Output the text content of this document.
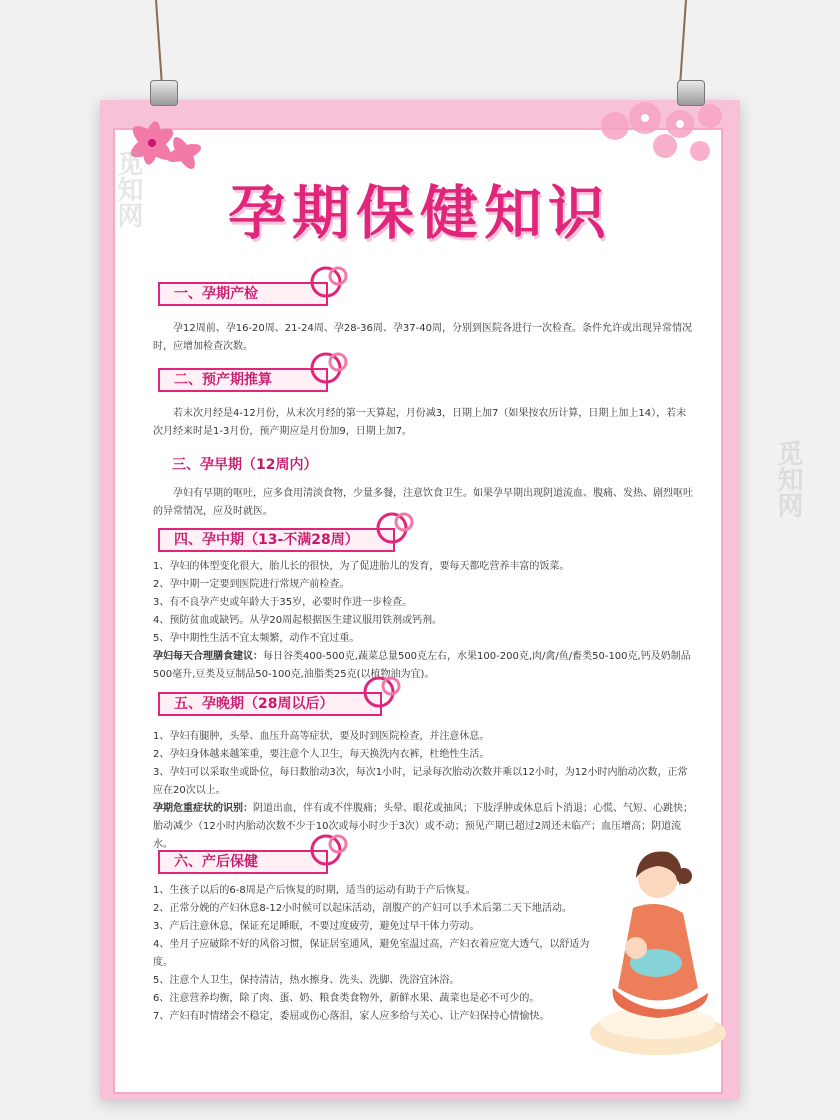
孕期保健知识
一、孕期产检

孕12周前、孕16-20周、21-24周、孕28-36周、孕37-40周，分别到医院各进行一次检查。条件允许或出现异常情况时，应增加检查次数。

二、预产期推算

若末次月经是4-12月份，从末次月经的第一天算起，月份减3，日期上加7（如果按农历计算，日期上加上14），若末次月经来时是1-3月份，预产期应是月份加9，日期上加7。

三、孕早期（12周内）

孕妇有早期的呕吐，应多食用清淡食物，少量多餐，注意饮食卫生。如果孕早期出现阴道流血、腹痛、发热、剧烈呕吐的异常情况，应及时就医。

四、孕中期（13-不满28周）

1、孕妇的体型变化很大，胎儿长的很快，为了促进胎儿的发育，要每天都吃营养丰富的饭菜。

2、孕中期一定要到医院进行常规产前检查。

3、有不良孕产史或年龄大于35岁，必要时作进一步检查。

4、预防贫血或缺钙。从孕20周起根据医生建议服用铁剂或钙剂。

5、孕中期性生活不宜太频繁，动作不宜过重。

孕妇每天合理膳食建议：每日谷类400-500克,蔬菜总量500克左右，水果100-200克,肉/禽/鱼/畜类50-100克,钙及奶制品500毫升,豆类及豆制品50-100克,油脂类25克(以植物油为宜)。

五、孕晚期（28周以后）

1、孕妇有腿肿，头晕、血压升高等症状，要及时到医院检查，并注意休息。

2、孕妇身体越来越笨重，要注意个人卫生，每天换洗内衣裤，杜绝性生活。

3、孕妇可以采取坐或卧位，每日数胎动3次，每次1小时，记录每次胎动次数并乘以12小时，为12小时内胎动次数，正常应在20次以上。

孕期危重症状的识别：阴道出血，伴有或不伴腹痛；头晕、眼花或抽风；下肢浮肿或休息后卜消退；心慌、气短、心跳快；胎动减少（12小时内胎动次数不少于10次或每小时少于3次）或不动；预见产期已超过2周还未临产；血压增高；阴道流水。

六、产后保健

1、生孩子以后的6-8周是产后恢复的时期，适当的运动有助于产后恢复。

2、正常分娩的产妇休息8-12小时候可以起床活动，剖腹产的产妇可以手术后第二天下地活动。

3、产后注意休息，保证充足睡眠，不要过度疲劳，避免过早干体力劳动。

4、坐月子应破除不好的风俗习惯，保证居室通风，避免室温过高，产妇衣着应宽大透气，以舒适为度。

5、注意个人卫生，保持清洁，热水擦身、洗头、洗脚、洗浴宜沐浴。

6、注意营养均衡，除了肉、蛋、奶、粮食类食物外，新鲜水果、蔬菜也是必不可少的。

7、产妇有时情绪会不稳定，委屈或伤心落泪，家人应多给与关心、让产妇保持心情愉快。

觅知网
觅知网
